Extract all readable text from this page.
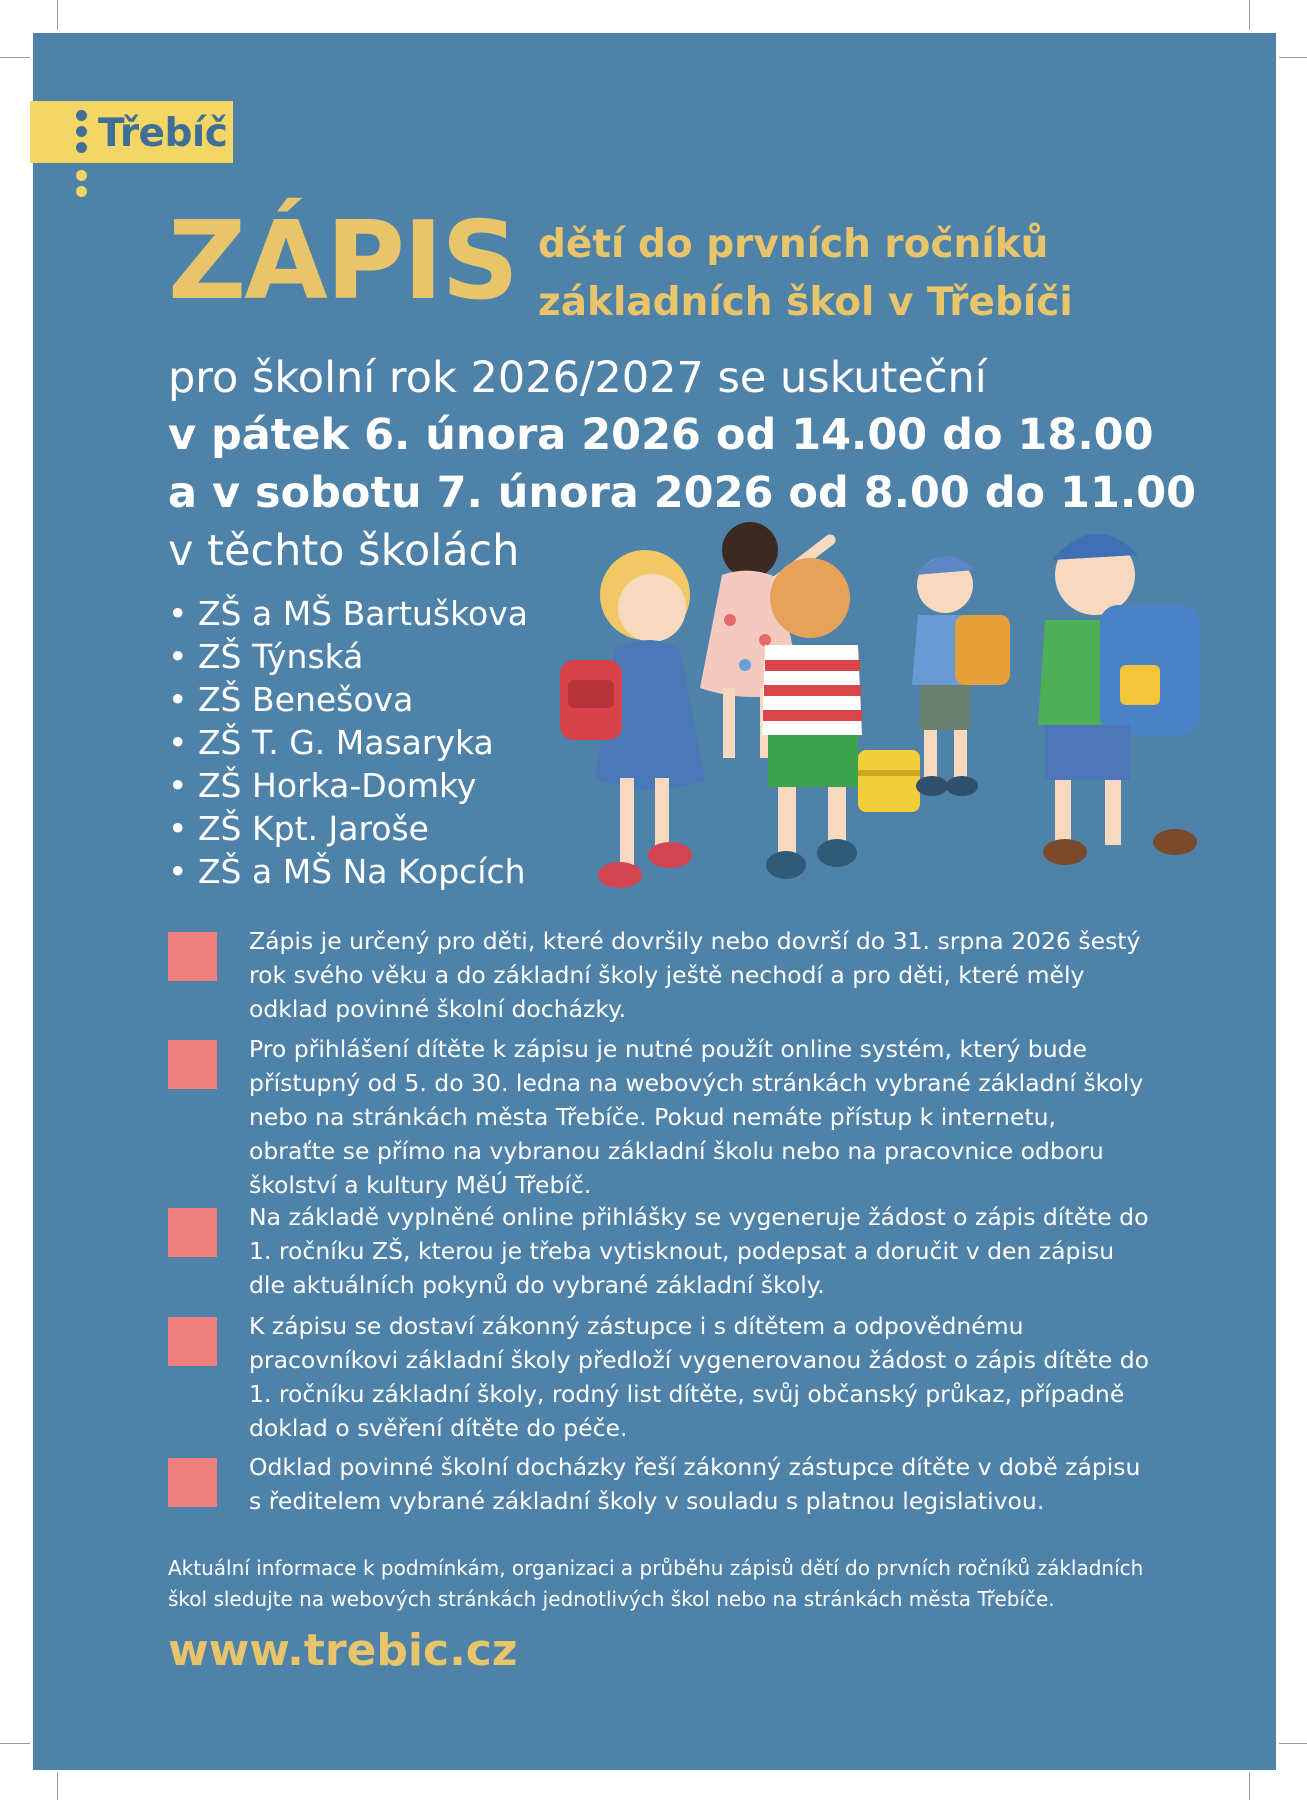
Třebíč
ZÁPIS dětí do prvních ročníků
základních škol v Třebíči
pro školní rok 2026/2027 se uskuteční
v pátek 6. února 2026 od 14.00 do 18.00
a v sobotu 7. února 2026 od 8.00 do 11.00
v těchto školách
• ZŠ a MŠ Bartuškova
• ZŠ Týnská
• ZŠ Benešova
• ZŠ T. G. Masaryka
• ZŠ Horka-Domky
• ZŠ Kpt. Jaroše
• ZŠ a MŠ Na Kopcích
Zápis je určený pro děti, které dovršily nebo dovrší do 31. srpna 2026 šestý rok svého věku a do základní školy ještě nechodí a pro děti, které měly odklad povinné školní docházky.
Pro přihlášení dítěte k zápisu je nutné použít online systém, který bude přístupný od 5. do 30. ledna na webových stránkách vybrané základní školy nebo na stránkách města Třebíče. Pokud nemáte přístup k internetu, obraťte se přímo na vybranou základní školu nebo na pracovnice odboru školství a kultury MěÚ Třebíč.
Na základě vyplněné online přihlášky se vygeneruje žádost o zápis dítěte do 1. ročníku ZŠ, kterou je třeba vytisknout, podepsat a doručit v den zápisu dle aktuálních pokynů do vybrané základní školy.
K zápisu se dostaví zákonný zástupce i s dítětem a odpovědnému pracovníkovi základní školy předloží vygenerovanou žádost o zápis dítěte do 1. ročníku základní školy, rodný list dítěte, svůj občanský průkaz, případně doklad o svěření dítěte do péče.
Odklad povinné školní docházky řeší zákonný zástupce dítěte v době zápisu s ředitelem vybrané základní školy v souladu s platnou legislativou.
Aktuální informace k podmínkám, organizaci a průběhu zápisů dětí do prvních ročníků základních škol sledujte na webových stránkách jednotlivých škol nebo na stránkách města Třebíče.
www.trebic.cz
